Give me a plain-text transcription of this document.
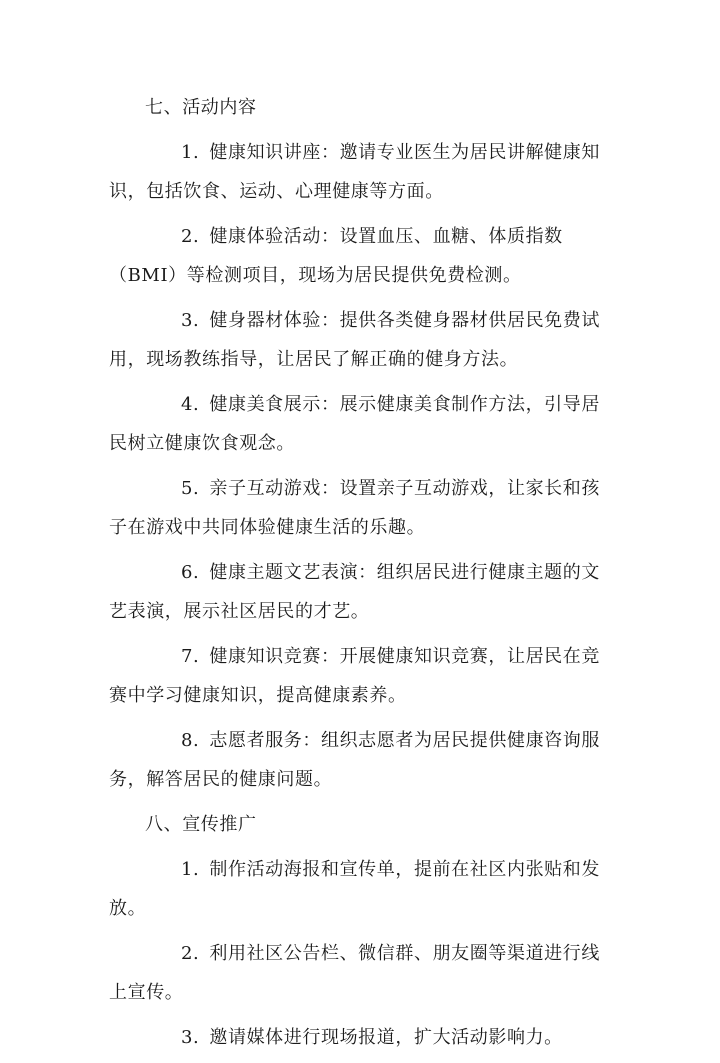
七、活动内容

1. 健康知识讲座：邀请专业医生为居民讲解健康知识，包括饮食、运动、心理健康等方面。

2. 健康体验活动：设置血压、血糖、体质指数（BMI）等检测项目，现场为居民提供免费检测。

3. 健身器材体验：提供各类健身器材供居民免费试用，现场教练指导，让居民了解正确的健身方法。

4. 健康美食展示：展示健康美食制作方法，引导居民树立健康饮食观念。

5. 亲子互动游戏：设置亲子互动游戏，让家长和孩子在游戏中共同体验健康生活的乐趣。

6. 健康主题文艺表演：组织居民进行健康主题的文艺表演，展示社区居民的才艺。

7. 健康知识竞赛：开展健康知识竞赛，让居民在竞赛中学习健康知识，提高健康素养。

8. 志愿者服务：组织志愿者为居民提供健康咨询服务，解答居民的健康问题。

八、宣传推广

1. 制作活动海报和宣传单，提前在社区内张贴和发放。

2. 利用社区公告栏、微信群、朋友圈等渠道进行线上宣传。

3. 邀请媒体进行现场报道，扩大活动影响力。
